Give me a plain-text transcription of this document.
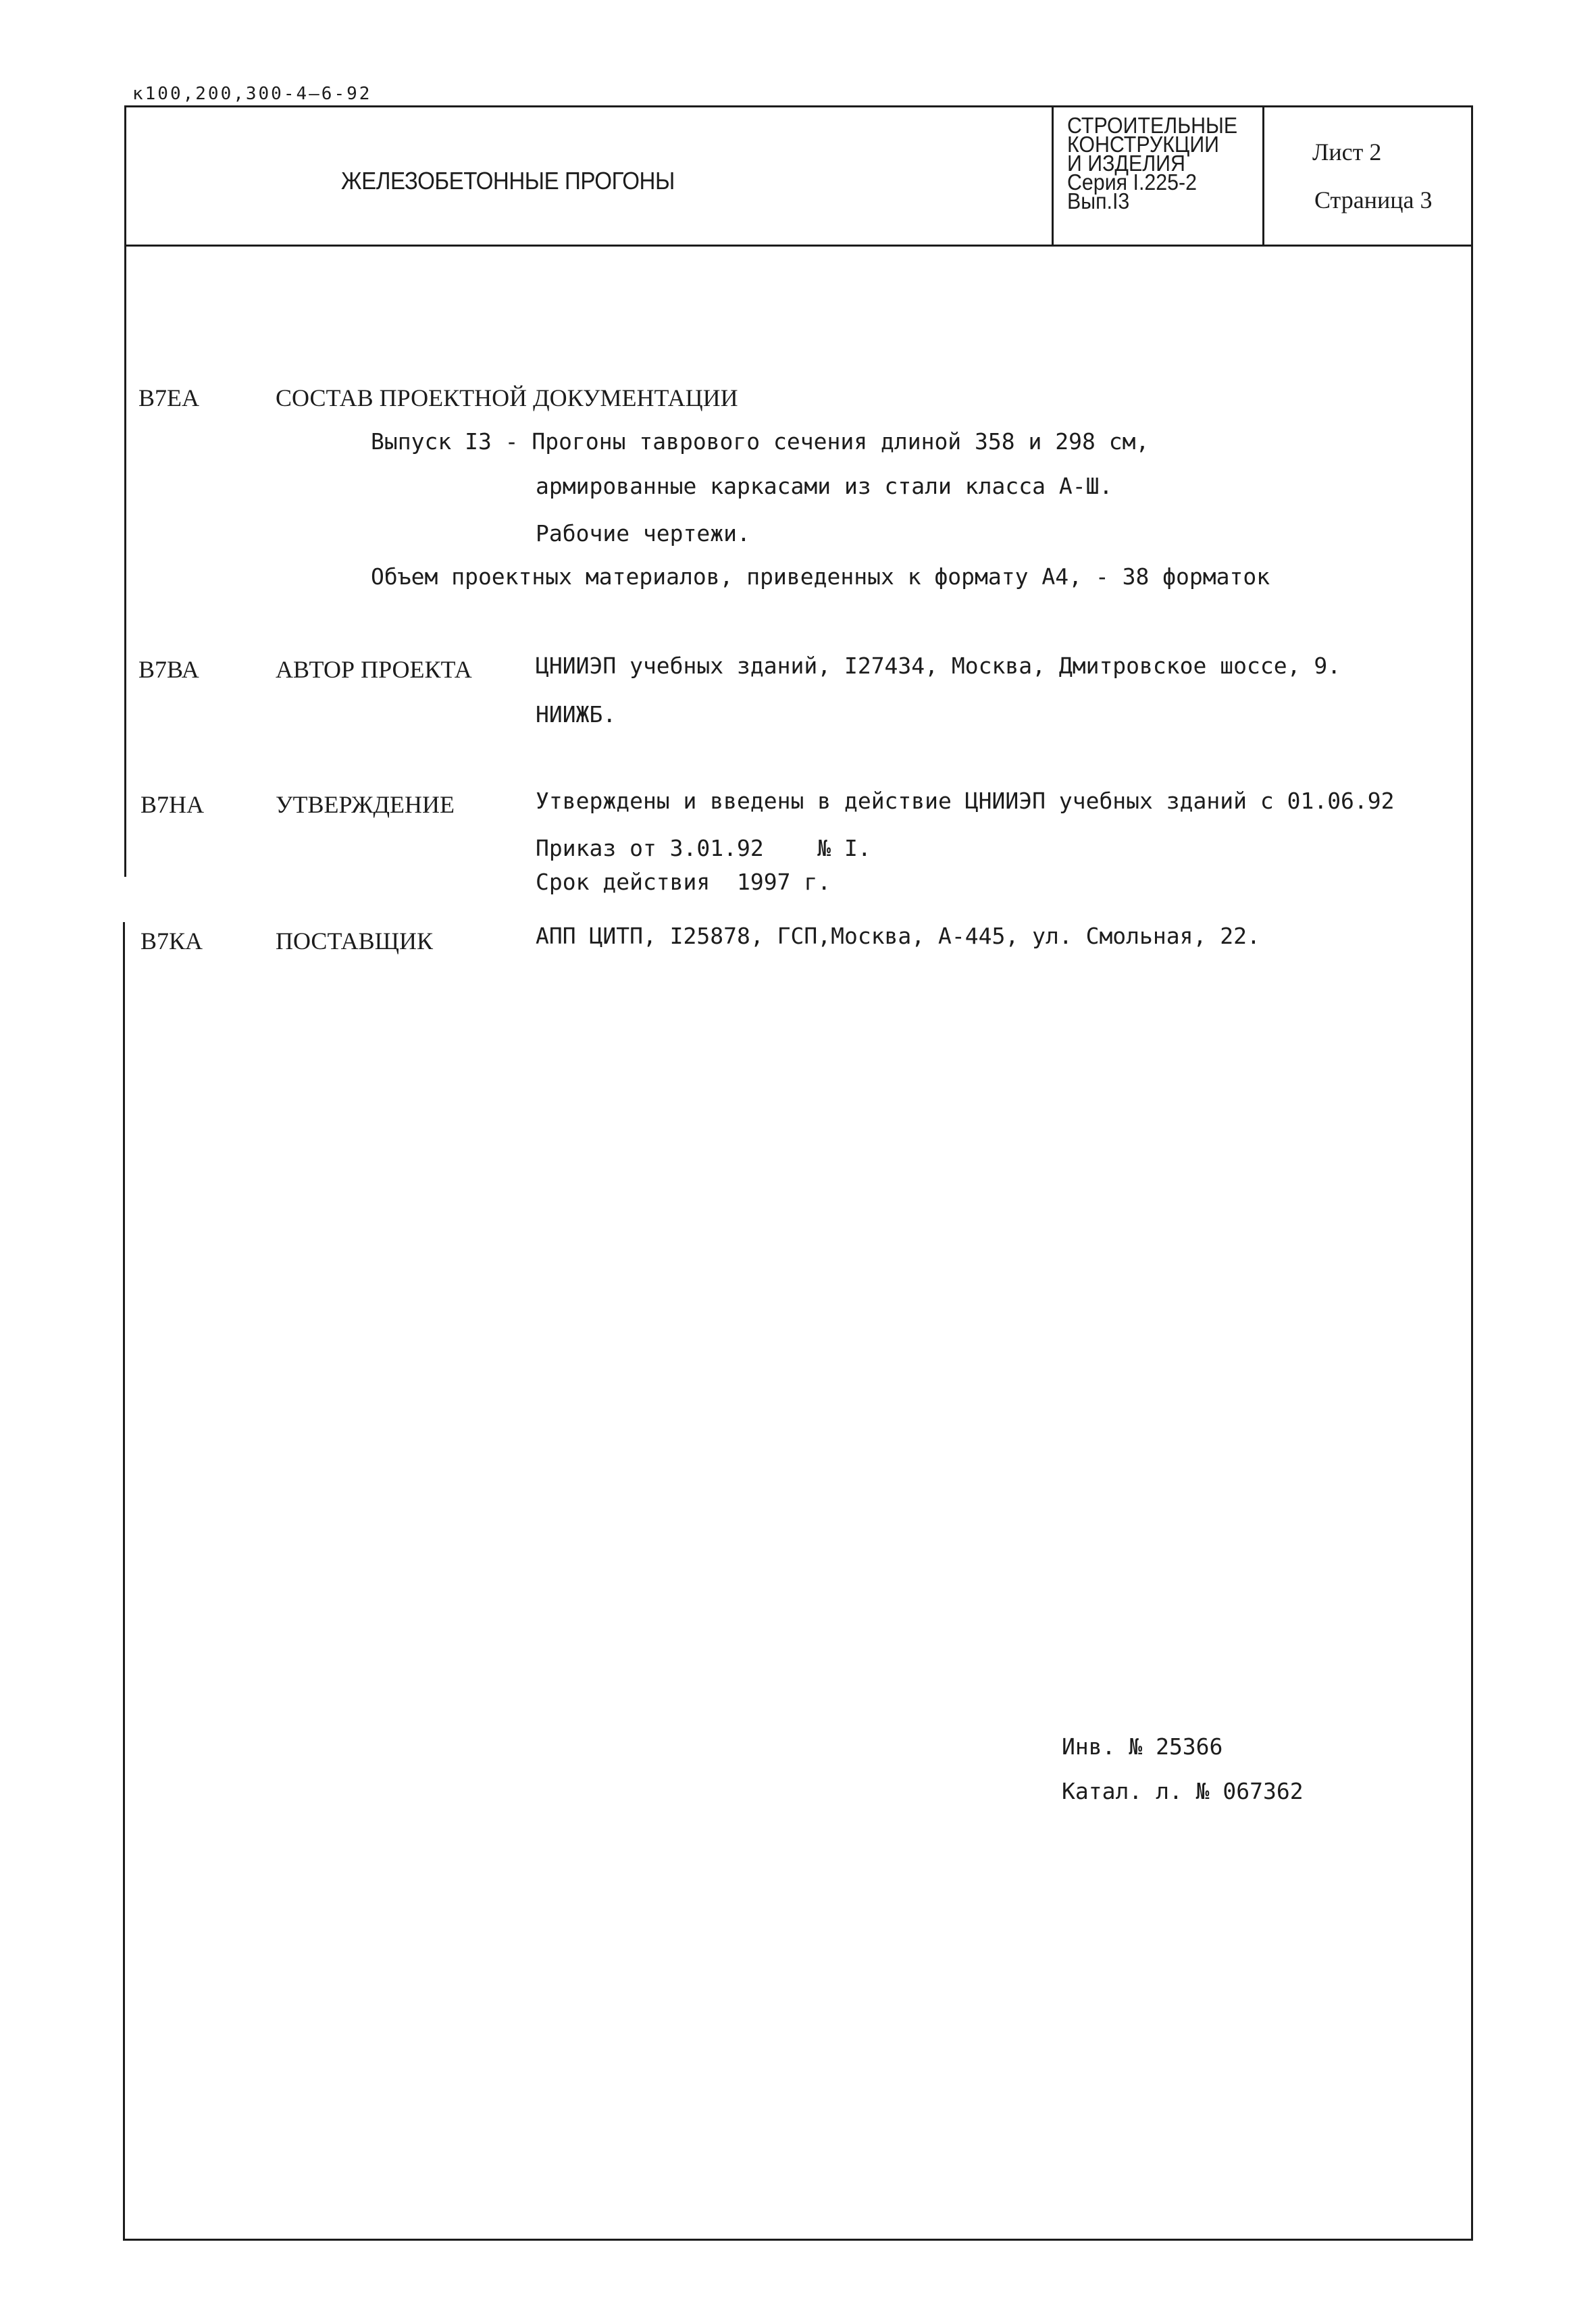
к100,200,300-4—6-92
ЖЕЛЕЗОБЕТОННЫЕ ПРОГОНЫ
СТРОИТЕЛЬНЫЕ
КОНСТРУКЦИИ
И ИЗДЕЛИЯ
Серия I.225-2
Вып.I3
Лист 2
Страница 3
В7ЕА	СОСТАВ ПРОЕКТНОЙ ДОКУМЕНТАЦИИ
Выпуск I3 - Прогоны таврового сечения длиной 358 и 298 см,
армированные каркасами из стали класса А-Ш.
Рабочие чертежи.
Объем проектных материалов, приведенных к формату А4, - 38 форматок
В7ВА	АВТОР ПРОЕКТА	ЦНИИЭП учебных зданий, I27434, Москва, Дмитровское шоссе, 9.
НИИЖБ.
В7НА	УТВЕРЖДЕНИЕ	Утверждены и введены в действие ЦНИИЭП учебных зданий с 01.06.92
Приказ от 3.01.92    № I.
Срок действия  1997 г.
В7КА	ПОСТАВЩИК	АПП ЦИТП, I25878, ГСП,Москва, А-445, ул. Смольная, 22.
Инв. № 25366
Катал. л. № 067362
